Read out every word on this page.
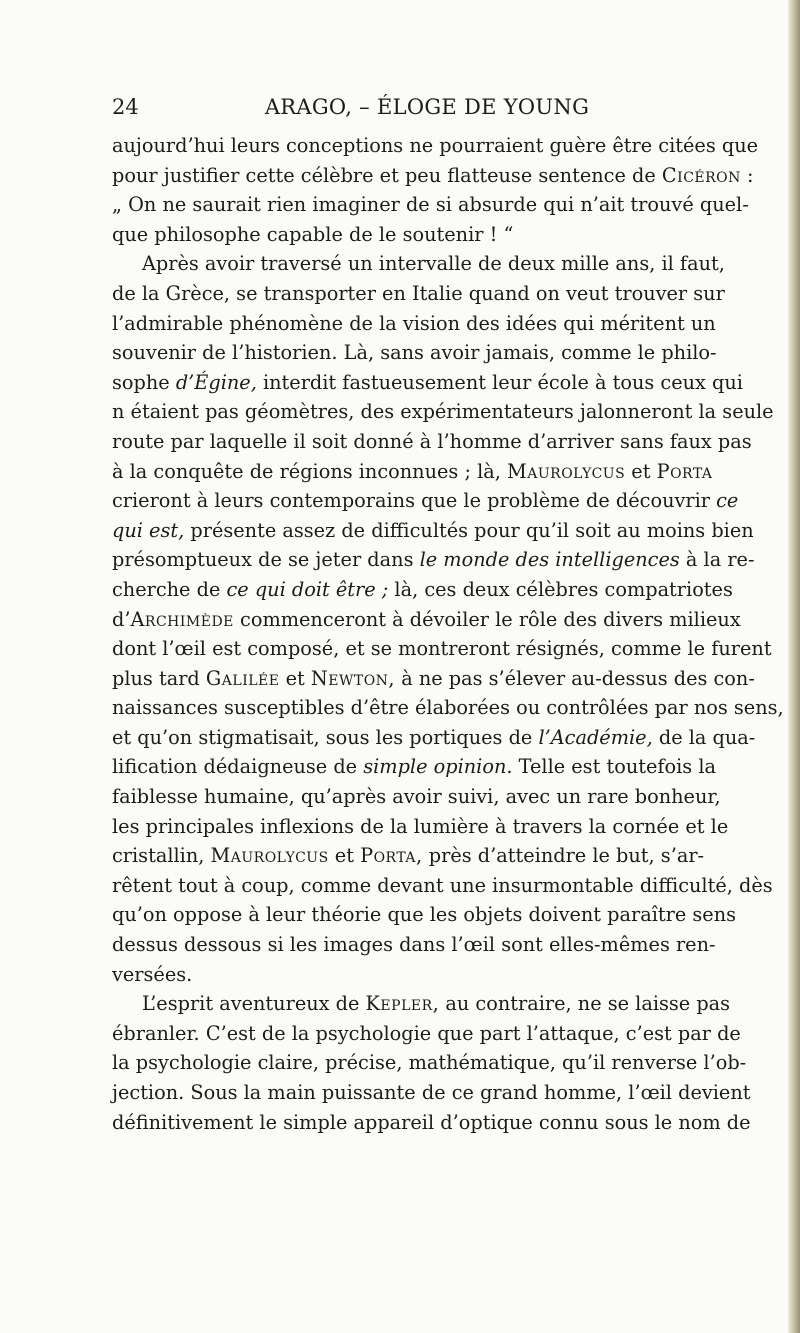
24	ARAGO, – ÉLOGE DE YOUNG
aujourd’hui leurs conceptions ne pourraient guère être citées que
pour justifier cette célèbre et peu flatteuse sentence de Cicéron :
„ On ne saurait rien imaginer de si absurde qui n’ait trouvé quel-
que philosophe capable de le soutenir ! “
Après avoir traversé un intervalle de deux mille ans, il faut,
de la Grèce, se transporter en Italie quand on veut trouver sur
l’admirable phénomène de la vision des idées qui méritent un
souvenir de l’historien. Là, sans avoir jamais, comme le philo-
sophe d’Égine, interdit fastueusement leur école à tous ceux qui
n étaient pas géomètres, des expérimentateurs jalonneront la seule
route par laquelle il soit donné à l’homme d’arriver sans faux pas
à la conquête de régions inconnues ; là, Maurolycus et Porta
crieront à leurs contemporains que le problème de découvrir ce
qui est, présente assez de difficultés pour qu’il soit au moins bien
présomptueux de se jeter dans le monde des intelligences à la re-
cherche de ce qui doit être ; là, ces deux célèbres compatriotes
d’Archimède commenceront à dévoiler le rôle des divers milieux
dont l’œil est composé, et se montreront résignés, comme le furent
plus tard Galilée et Newton, à ne pas s’élever au-dessus des con-
naissances susceptibles d’être élaborées ou contrôlées par nos sens,
et qu’on stigmatisait, sous les portiques de l’Académie, de la qua-
lification dédaigneuse de simple opinion. Telle est toutefois la
faiblesse humaine, qu’après avoir suivi, avec un rare bonheur,
les principales inflexions de la lumière à travers la cornée et le
cristallin, Maurolycus et Porta, près d’atteindre le but, s’ar-
rêtent tout à coup, comme devant une insurmontable difficulté, dès
qu’on oppose à leur théorie que les objets doivent paraître sens
dessus dessous si les images dans l’œil sont elles-mêmes ren-
versées.
L’esprit aventureux de Kepler, au contraire, ne se laisse pas
ébranler. C’est de la psychologie que part l’attaque, c’est par de
la psychologie claire, précise, mathématique, qu’il renverse l’ob-
jection. Sous la main puissante de ce grand homme, l’œil devient
définitivement le simple appareil d’optique connu sous le nom de
